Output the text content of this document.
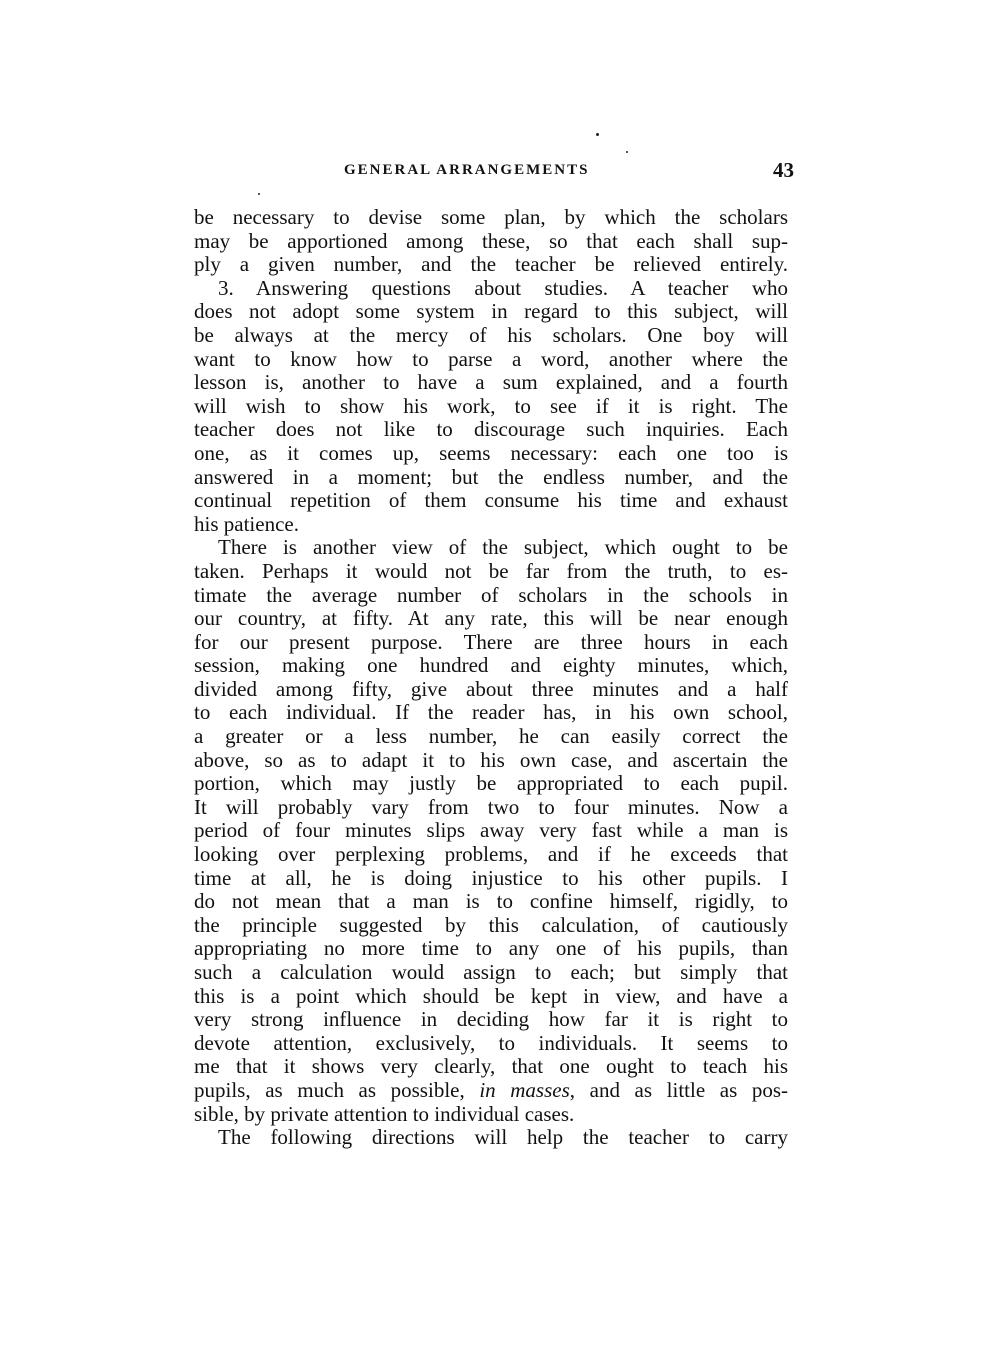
GENERAL ARRANGEMENTS	43
be necessary to devise some plan, by which the scholars
may be apportioned among these, so that each shall sup-
ply a given number, and the teacher be relieved entirely.
3. Answering questions about studies. A teacher who
does not adopt some system in regard to this subject, will
be always at the mercy of his scholars. One boy will
want to know how to parse a word, another where the
lesson is, another to have a sum explained, and a fourth
will wish to show his work, to see if it is right. The
teacher does not like to discourage such inquiries. Each
one, as it comes up, seems necessary: each one too is
answered in a moment; but the endless number, and the
continual repetition of them consume his time and exhaust
his patience.
There is another view of the subject, which ought to be
taken. Perhaps it would not be far from the truth, to es-
timate the average number of scholars in the schools in
our country, at fifty. At any rate, this will be near enough
for our present purpose. There are three hours in each
session, making one hundred and eighty minutes, which,
divided among fifty, give about three minutes and a half
to each individual. If the reader has, in his own school,
a greater or a less number, he can easily correct the
above, so as to adapt it to his own case, and ascertain the
portion, which may justly be appropriated to each pupil.
It will probably vary from two to four minutes. Now a
period of four minutes slips away very fast while a man is
looking over perplexing problems, and if he exceeds that
time at all, he is doing injustice to his other pupils. I
do not mean that a man is to confine himself, rigidly, to
the principle suggested by this calculation, of cautiously
appropriating no more time to any one of his pupils, than
such a calculation would assign to each; but simply that
this is a point which should be kept in view, and have a
very strong influence in deciding how far it is right to
devote attention, exclusively, to individuals. It seems to
me that it shows very clearly, that one ought to teach his
pupils, as much as possible, in masses, and as little as pos-
sible, by private attention to individual cases.
The following directions will help the teacher to carry
